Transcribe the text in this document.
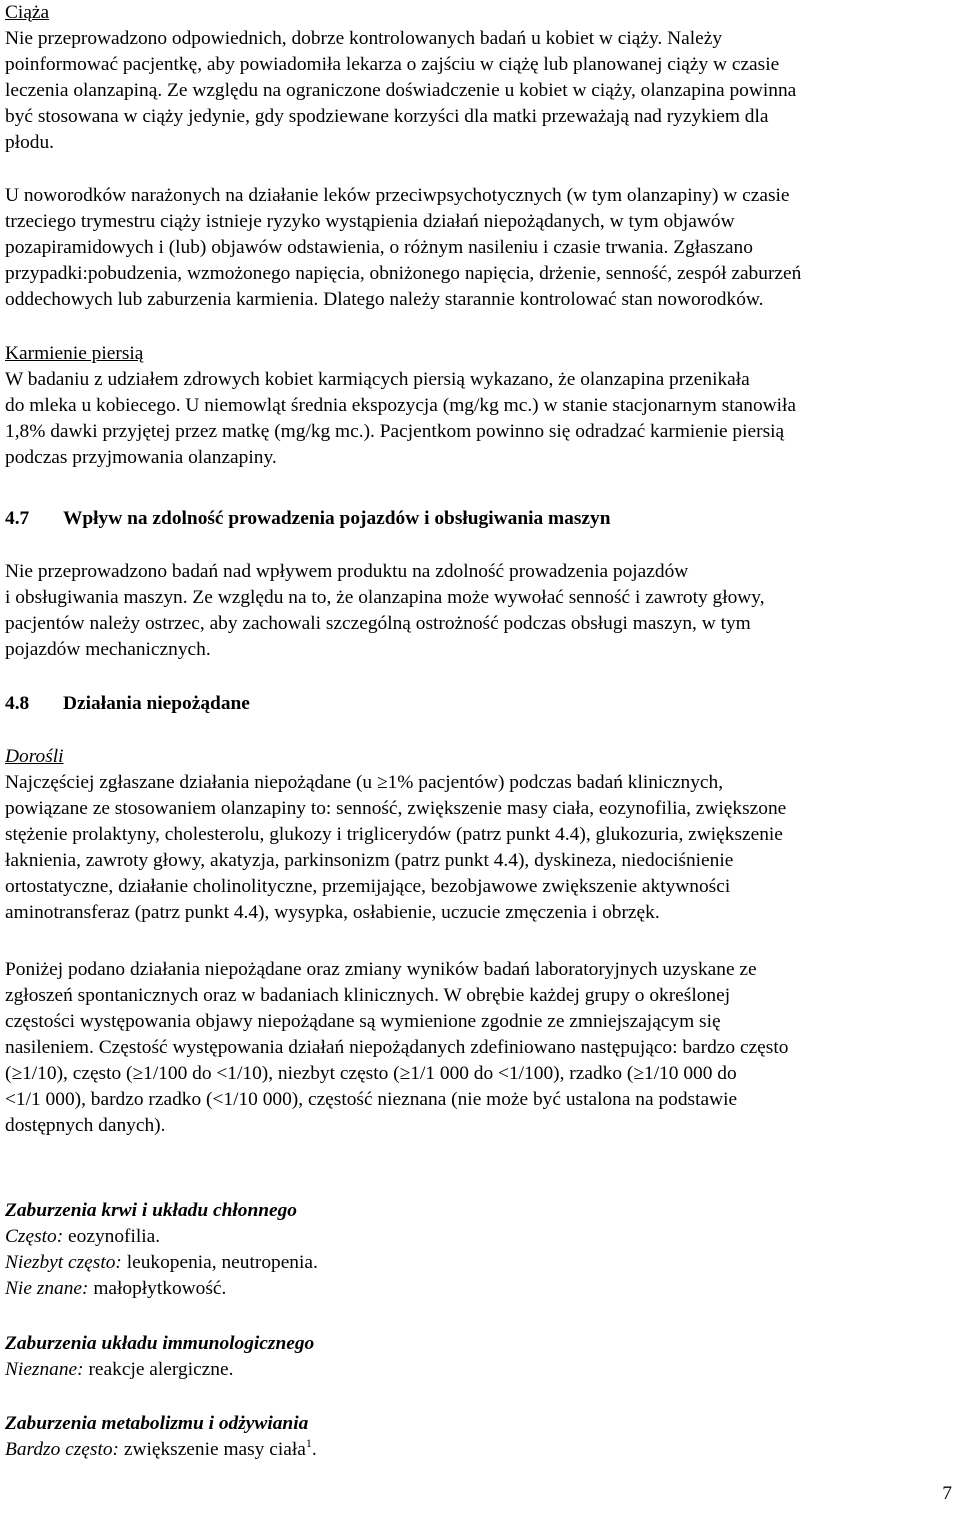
Ciąża
Nie przeprowadzono odpowiednich, dobrze kontrolowanych badań u kobiet w ciąży. Należy
poinformować pacjentkę, aby powiadomiła lekarza o zajściu w ciążę lub planowanej ciąży w czasie
leczenia olanzapiną. Ze względu na ograniczone doświadczenie u kobiet w ciąży, olanzapina powinna
być stosowana w ciąży jedynie, gdy spodziewane korzyści dla matki przeważają nad ryzykiem dla
płodu.
U noworodków narażonych na działanie leków przeciwpsychotycznych (w tym olanzapiny) w czasie
trzeciego trymestru ciąży istnieje ryzyko wystąpienia działań niepożądanych, w tym objawów
pozapiramidowych i (lub) objawów odstawienia, o różnym nasileniu i czasie trwania. Zgłaszano
przypadki:pobudzenia, wzmożonego napięcia, obniżonego napięcia, drżenie, senność, zespół zaburzeń
oddechowych lub zaburzenia karmienia. Dlatego należy starannie kontrolować stan noworodków.
Karmienie piersią
W badaniu z udziałem zdrowych kobiet karmiących piersią wykazano, że olanzapina przenikała
do mleka u kobiecego. U niemowląt średnia ekspozycja (mg/kg mc.) w stanie stacjonarnym stanowiła
1,8% dawki przyjętej przez matkę (mg/kg mc.). Pacjentkom powinno się odradzać karmienie piersią
podczas przyjmowania olanzapiny.
4.7 Wpływ na zdolność prowadzenia pojazdów i obsługiwania maszyn
Nie przeprowadzono badań nad wpływem produktu na zdolność prowadzenia pojazdów
i obsługiwania maszyn. Ze względu na to, że olanzapina może wywołać senność i zawroty głowy,
pacjentów należy ostrzec, aby zachowali szczególną ostrożność podczas obsługi maszyn, w tym
pojazdów mechanicznych.
4.8 Działania niepożądane
Dorośli
Najczęściej zgłaszane działania niepożądane (u ≥1% pacjentów) podczas badań klinicznych,
powiązane ze stosowaniem olanzapiny to: senność, zwiększenie masy ciała, eozynofilia, zwiększone
stężenie prolaktyny, cholesterolu, glukozy i triglicerydów (patrz punkt 4.4), glukozuria, zwiększenie
łaknienia, zawroty głowy, akatyzja, parkinsonizm (patrz punkt 4.4), dyskineza, niedociśnienie
ortostatyczne, działanie cholinolityczne, przemijające, bezobjawowe zwiększenie aktywności
aminotransferaz (patrz punkt 4.4), wysypka, osłabienie, uczucie zmęczenia i obrzęk.
Poniżej podano działania niepożądane oraz zmiany wyników badań laboratoryjnych uzyskane ze
zgłoszeń spontanicznych oraz w badaniach klinicznych. W obrębie każdej grupy o określonej
częstości występowania objawy niepożądane są wymienione zgodnie ze zmniejszającym się
nasileniem. Częstość występowania działań niepożądanych zdefiniowano następująco: bardzo często
(≥1/10), często (≥1/100 do <1/10), niezbyt często (≥1/1 000 do <1/100), rzadko (≥1/10 000 do
<1/1 000), bardzo rzadko (<1/10 000), częstość nieznana (nie może być ustalona na podstawie
dostępnych danych).
Zaburzenia krwi i układu chłonnego
Często: eozynofilia.
Niezbyt często: leukopenia, neutropenia.
Nie znane: małopłytkowość.
Zaburzenia układu immunologicznego
Nieznane: reakcje alergiczne.
Zaburzenia metabolizmu i odżywiania
Bardzo często: zwiększenie masy ciała$^1$.
7
